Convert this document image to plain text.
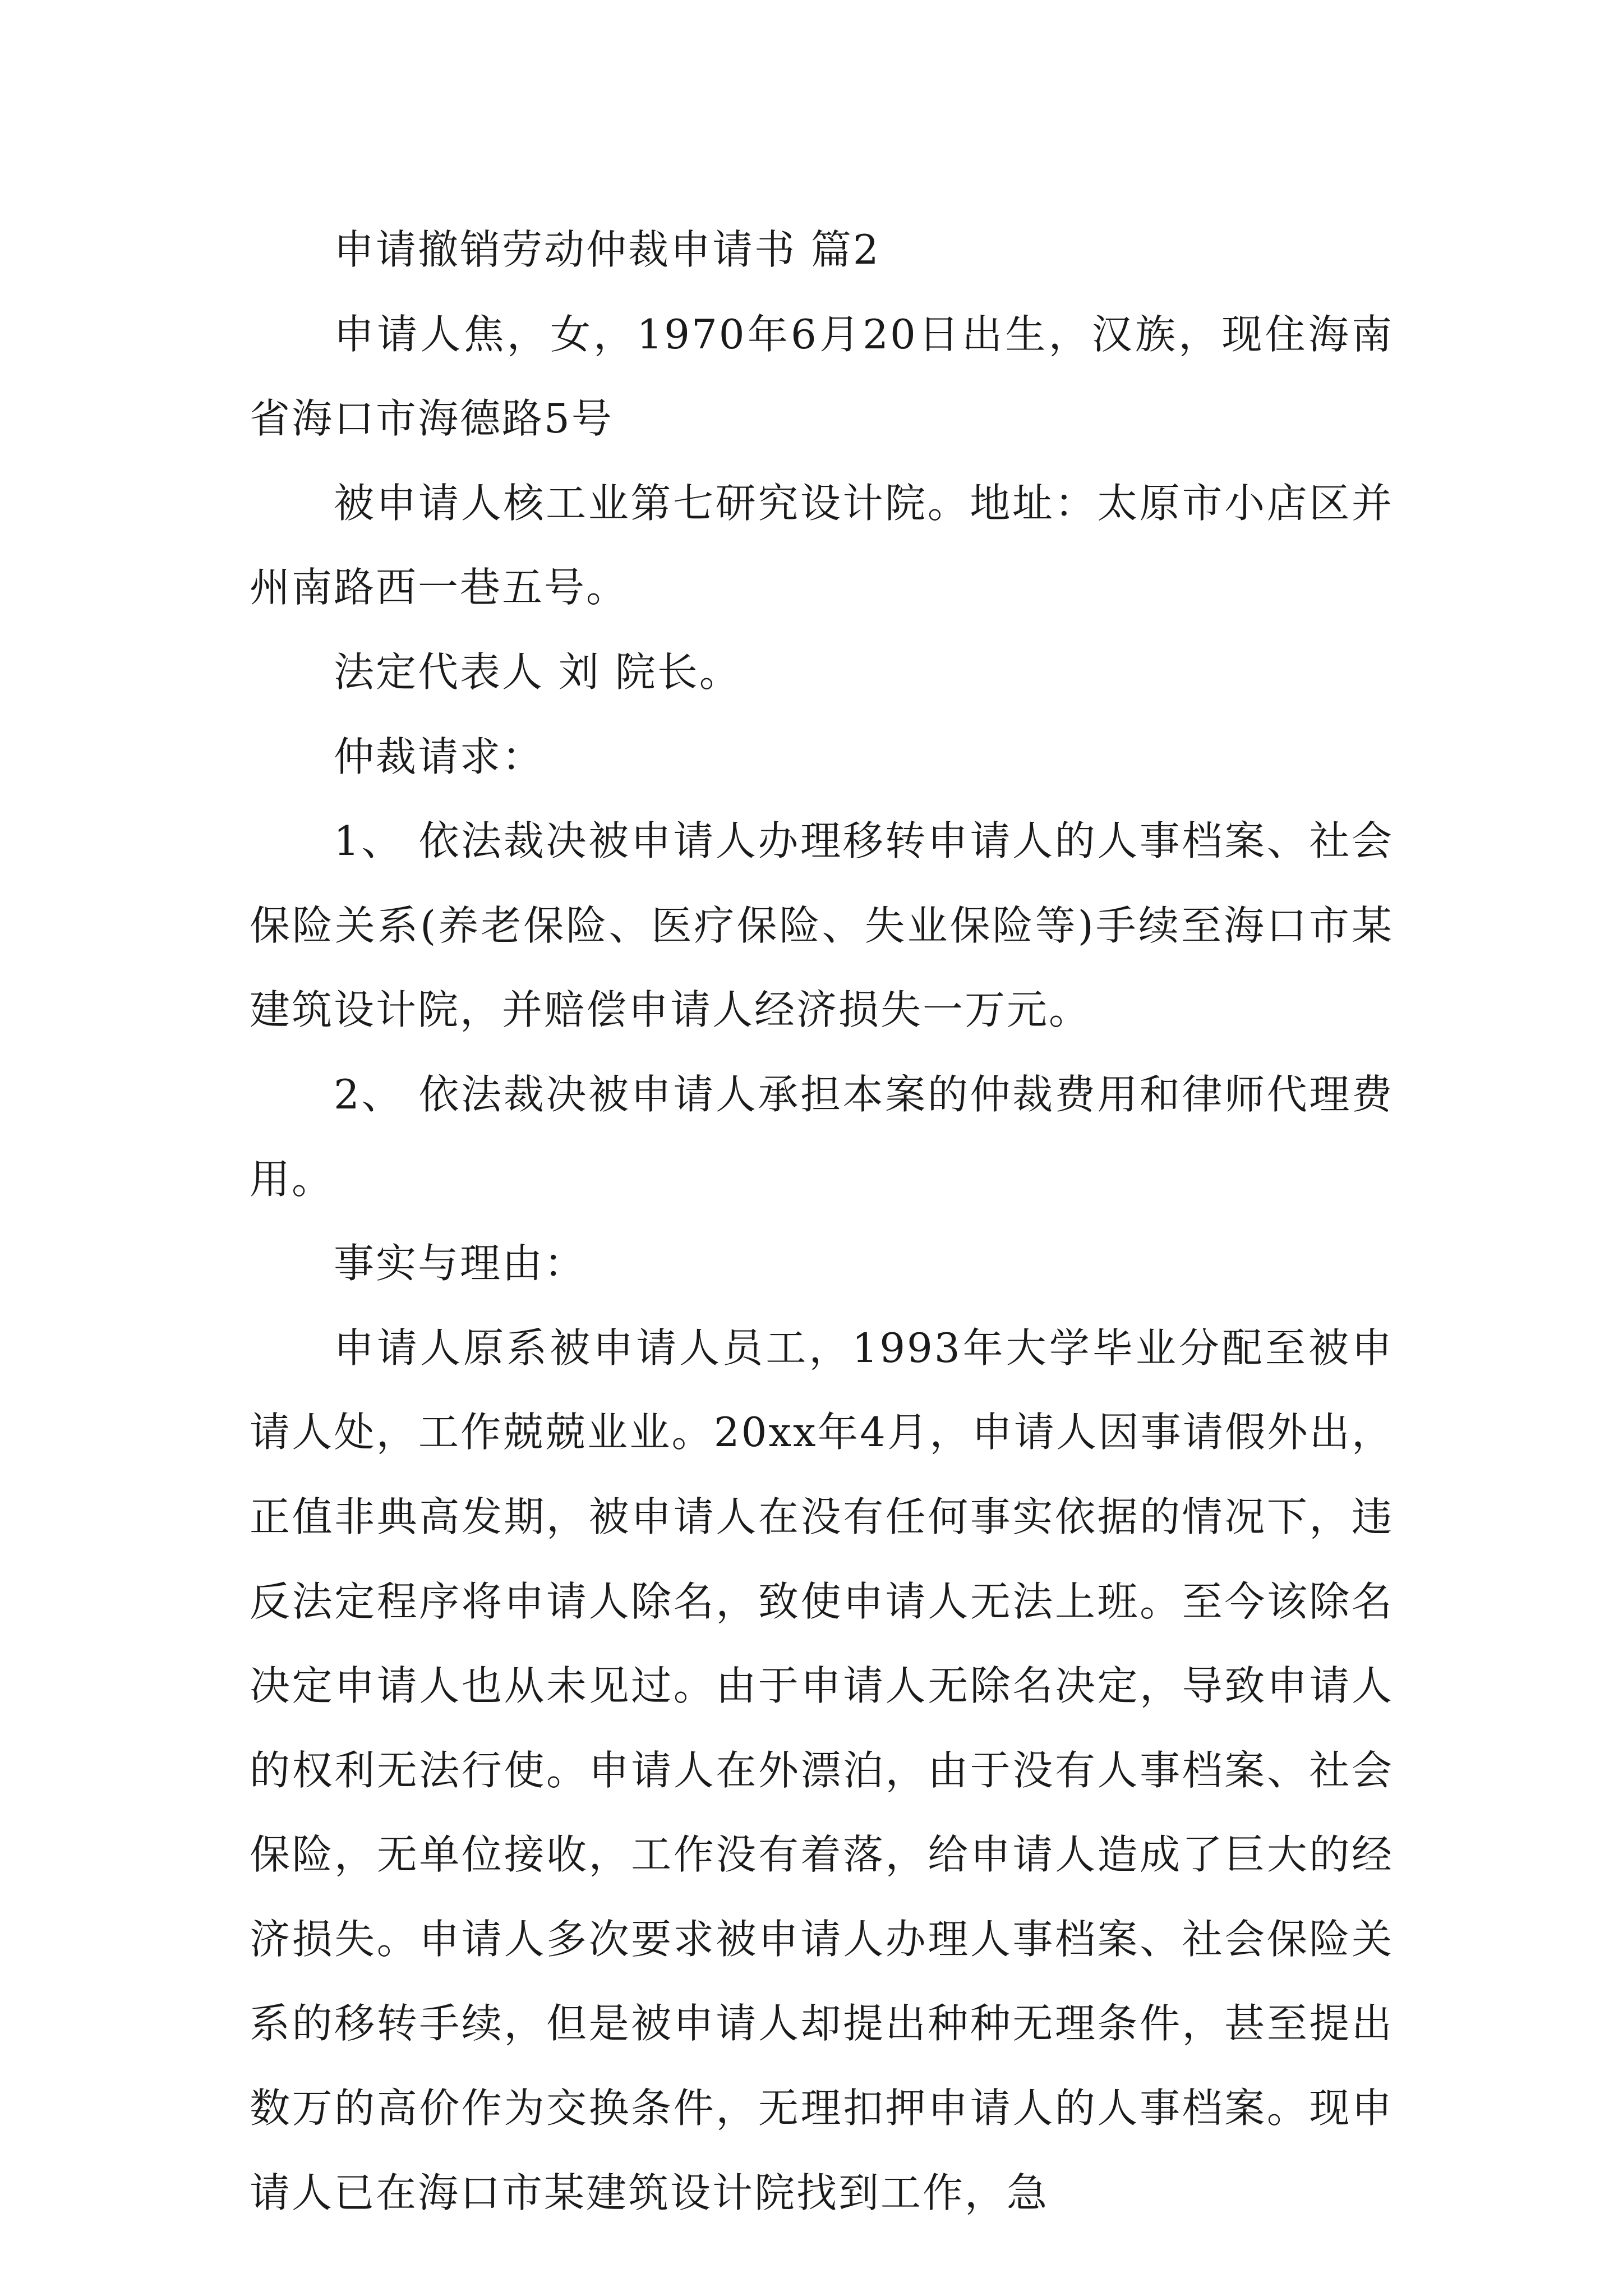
申请撤销劳动仲裁申请书 篇2

申请人焦，女，1970年6月20日出生，汉族，现住海南省海口市海德路5号

被申请人核工业第七研究设计院。地址：太原市小店区并州南路西一巷五号。

法定代表人 刘 院长。

仲裁请求：

1、 依法裁决被申请人办理移转申请人的人事档案、社会保险关系(养老保险、医疗保险、失业保险等)手续至海口市某建筑设计院，并赔偿申请人经济损失一万元。

2、 依法裁决被申请人承担本案的仲裁费用和律师代理费用。

事实与理由：

申请人原系被申请人员工，1993年大学毕业分配至被申请人处，工作兢兢业业。20xx年4月，申请人因事请假外出，正值非典高发期，被申请人在没有任何事实依据的情况下，违反法定程序将申请人除名，致使申请人无法上班。至今该除名决定申请人也从未见过。由于申请人无除名决定，导致申请人的权利无法行使。申请人在外漂泊，由于没有人事档案、社会保险，无单位接收，工作没有着落，给申请人造成了巨大的经济损失。申请人多次要求被申请人办理人事档案、社会保险关系的移转手续，但是被申请人却提出种种无理条件，甚至提出数万的高价作为交换条件，无理扣押申请人的人事档案。现申请人已在海口市某建筑设计院找到工作，急
